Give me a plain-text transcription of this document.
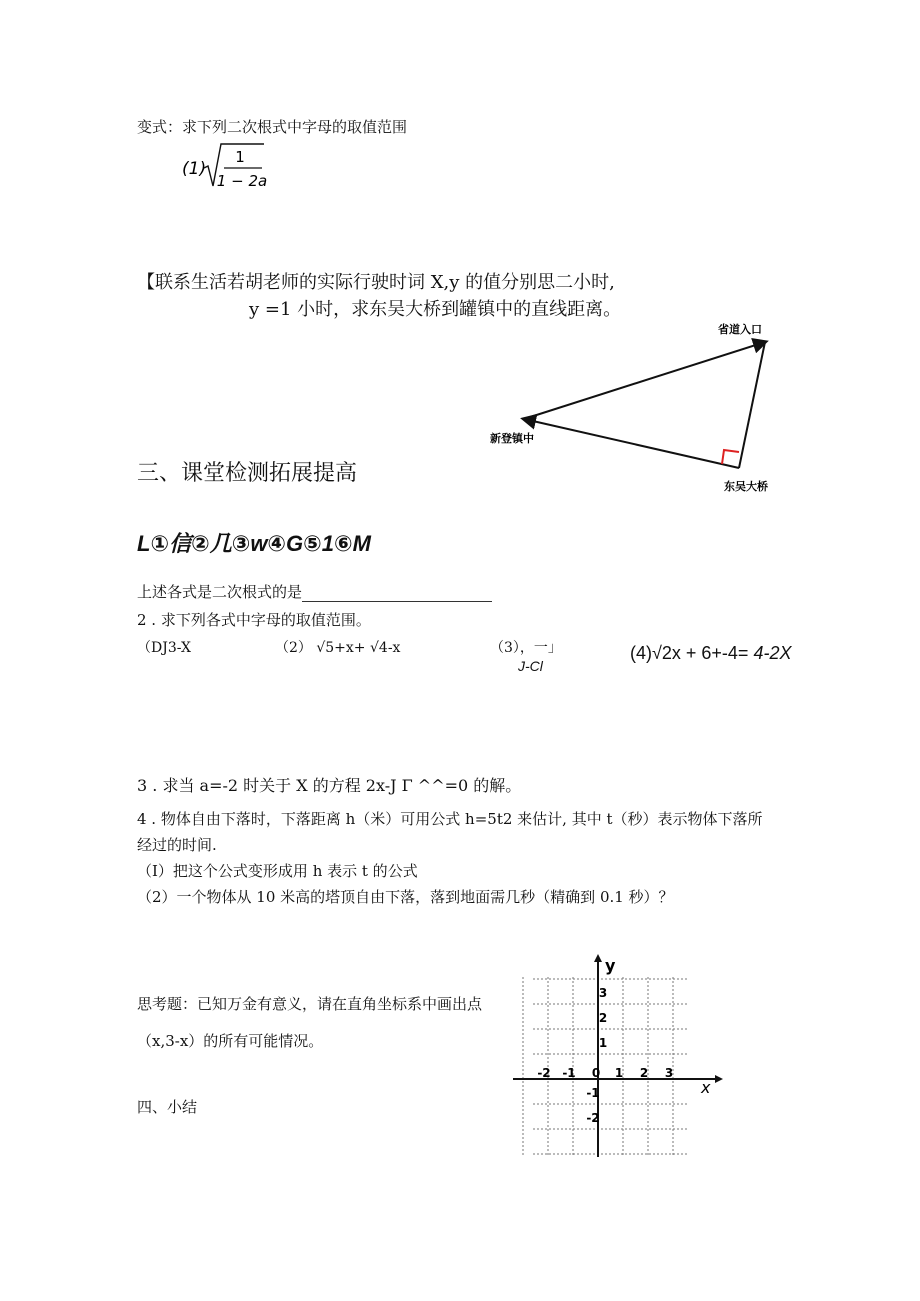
变式：求下列二次根式中字母的取值范围
(1)
1
1 − 2a
【联系生活若胡老师的实际行驶时词 X,y 的值分别思二小时,
y =1 小时，求东吴大桥到罐镇中的直线距离。
省道入口
新登镇中
东吴大桥
三、课堂检测拓展提高
L①信②几③w④G⑤1⑥M
上述各式是二次根式的是
2 . 求下列各式中字母的取值范围。
（DJ3-X	（2） √5+x+ √4-x	（3），一」
J-Cl
(4)√2x + 6+-4= 4-2X
3 . 求当 a=-2 时关于 X 的方程 2x-J Γ ^^=0 的解。
4 . 物体自由下落时，下落距离 h（米）可用公式 h=5t2 来估计, 其中 t（秒）表示物体下落所
经过的时间.
（I）把这个公式变形成用 h 表示 t 的公式
（2）一个物体从 10 米高的塔顶自由下落，落到地面需几秒（精确到 0.1 秒）？
思考题：已知万金有意义，请在直角坐标系中画出点
（x,3-x）的所有可能情况。
四、小结
x
y
-2 -1 0 1 2 3
3
2
1
-1
-2
